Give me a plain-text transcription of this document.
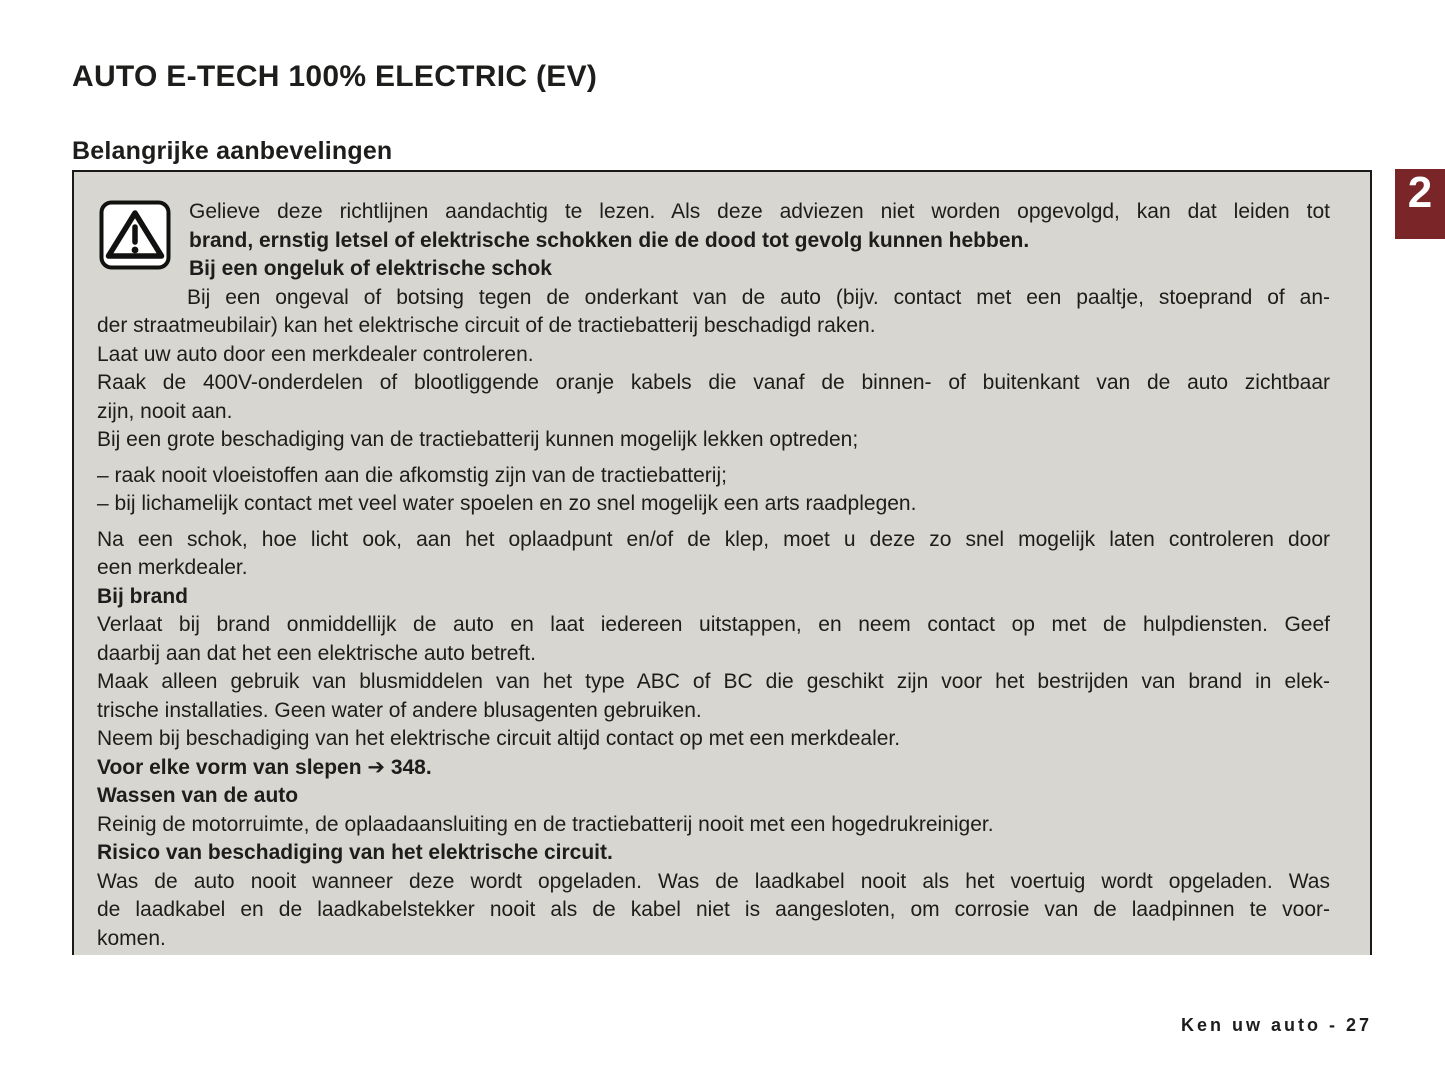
AUTO E-TECH 100% ELECTRIC (EV)
Belangrijke aanbevelingen
Gelieve deze richtlijnen aandachtig te lezen. Als deze adviezen niet worden opgevolgd, kan dat leiden tot
brand, ernstig letsel of elektrische schokken die de dood tot gevolg kunnen hebben.
Bij een ongeluk of elektrische schok
Bij een ongeval of botsing tegen de onderkant van de auto (bijv. contact met een paaltje, stoeprand of an-
der straatmeubilair) kan het elektrische circuit of de tractiebatterij beschadigd raken.
Laat uw auto door een merkdealer controleren.
Raak de 400V-onderdelen of blootliggende oranje kabels die vanaf de binnen- of buitenkant van de auto zichtbaar
zijn, nooit aan.
Bij een grote beschadiging van de tractiebatterij kunnen mogelijk lekken optreden;
– raak nooit vloeistoffen aan die afkomstig zijn van de tractiebatterij;
– bij lichamelijk contact met veel water spoelen en zo snel mogelijk een arts raadplegen.
Na een schok, hoe licht ook, aan het oplaadpunt en/of de klep, moet u deze zo snel mogelijk laten controleren door
een merkdealer.
Bij brand
Verlaat bij brand onmiddellijk de auto en laat iedereen uitstappen, en neem contact op met de hulpdiensten. Geef
daarbij aan dat het een elektrische auto betreft.
Maak alleen gebruik van blusmiddelen van het type ABC of BC die geschikt zijn voor het bestrijden van brand in elek-
trische installaties. Geen water of andere blusagenten gebruiken.
Neem bij beschadiging van het elektrische circuit altijd contact op met een merkdealer.
Voor elke vorm van slepen ➔ 348.
Wassen van de auto
Reinig de motorruimte, de oplaadaansluiting en de tractiebatterij nooit met een hogedrukreiniger.
Risico van beschadiging van het elektrische circuit.
Was de auto nooit wanneer deze wordt opgeladen. Was de laadkabel nooit als het voertuig wordt opgeladen. Was
de laadkabel en de laadkabelstekker nooit als de kabel niet is aangesloten, om corrosie van de laadpinnen te voor-
komen.
2
Ken uw auto - 27
